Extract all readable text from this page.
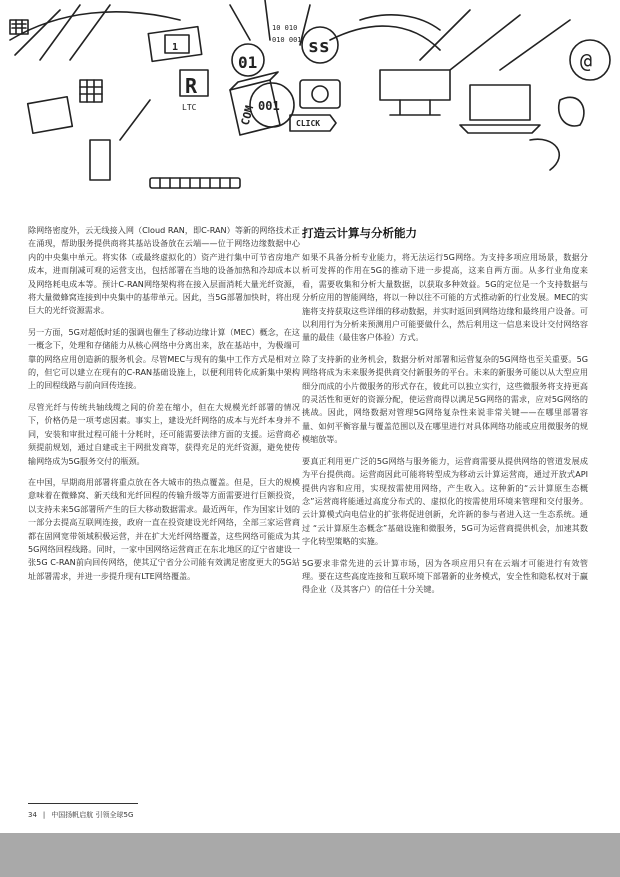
1
R
LTC
ss
COM	CLICK
01
001
10 010
010 001
@

除网络密度外，云无线接入网（Cloud RAN，即C-RAN）等新的网络技术正在涌现，帮助服务提供商将其基站设备放在云端——位于网络边缘数据中心内的中央集中单元。将实体（或最终虚拟化的）资产进行集中可节省房地产成本，进而削减可观的运营支出，包括部署在当地的设备加热和冷却成本以及网络耗电成本等。预计C-RAN网络架构将在接入层面消耗大量光纤资源，将大量微蜂窝连接到中央集中的基带单元。因此，当5G部署加快时，将出现巨大的光纤资源需求。

另一方面，5G对超低时延的强调也催生了移动边缘计算（MEC）概念，在这一概念下，处理和存储能力从核心网络中分离出来，放在基站中，为极端可靠的网络应用创造新的服务机会。尽管MEC与现有的集中工作方式是相对立的，但它可以建立在现有的C-RAN基础设施上，以便利用转化成新集中架构上的回程线路与前向回传连接。

尽管光纤与传统共轴线缆之间的价差在缩小，但在大规模光纤部署的情况下，价格仍是一项考虑因素。事实上，建设光纤网络的成本与光纤本身并不同，安装和审批过程可能十分耗时，还可能需要法律方面的支援。运营商必须提前规划，通过自建或主干网批发商等，获得充足的光纤资源，避免使传输网络成为5G服务交付的瓶颈。

在中国，早期商用部署将重点放在各大城市的热点覆盖。但是，巨大的规模意味着在微蜂窝、新天线和光纤回程的传输升级等方面需要进行巨额投资，以支持未来5G部署所产生的巨大移动数据需求。最近两年，作为国家计划的一部分去提高互联网连接，政府一直在投资建设光纤网络，全部三家运营商都在固网宽带领域积极运营，并在扩大光纤网络覆盖，这些网络可能成为其5G网络回程线路。同时，一家中国网络运营商正在东北地区的辽宁省建设一张5G C-RAN前向回传网络，使其辽宁省分公司能有效满足密度更大的5G站址部署需求，并进一步提升现有LTE网络覆盖。

打造云计算与分析能力

如果不具备分析专业能力，将无法运行5G网络。为支持多项应用场景，数据分析可发挥的作用在5G的推动下进一步提高，这来自两方面。从多行业角度来看，需要收集和分析大量数据，以获取多种效益。5G的定位是一个支持数据与分析应用的智能网络，将以一种以往不可能的方式推动新的行业发展。MEC的实施将支持获取这些详细的移动数据，并实时返回到网络边缘和最终用户设备。可以利用行为分析来预测用户可能要做什么，然后利用这一信息来设计交付网络容量的最佳（最佳客户体验）方式。

除了支持新的业务机会，数据分析对部署和运营复杂的5G网络也至关重要。5G网络将成为未来服务提供商交付新服务的平台。未来的新服务可能以从大型应用细分而成的小片微服务的形式存在，彼此可以独立实行，这些微服务将支持更高的灵活性和更好的资源分配，使运营商得以满足5G网络的需求，应对5G网络的挑战。因此，网络数据对管理5G网络复杂性来说非常关键——在哪里部署容量、如何平衡容量与覆盖范围以及在哪里进行对具体网络功能或应用微服务的规模缩放等。

要真正利用更广泛的5G网络与服务能力，运营商需要从提供网络的管道发展成为平台提供商。运营商因此可能将转型成为移动云计算运营商，通过开放式API提供内容和应用，实现按需使用网络，产生收入。这种新的“云计算原生态概念”运营商将能通过高度分布式的、虚拟化的按需使用环境来管理和交付服务。云计算模式向电信业的扩张将促进创新，允许新的参与者进入这一生态系统。通过 “云计算原生态概念”基础设施和微服务，5G可为运营商提供机会，加速其数字化转型策略的实施。

5G要求非常先进的云计算市场，因为各项应用只有在云端才可能进行有效管理。要在这些高度连接和互联环境下部署新的业务模式，安全性和隐私权对于赢得企业（及其客户）的信任十分关键。

34 | 中国扬帆启航 引领全球5G
